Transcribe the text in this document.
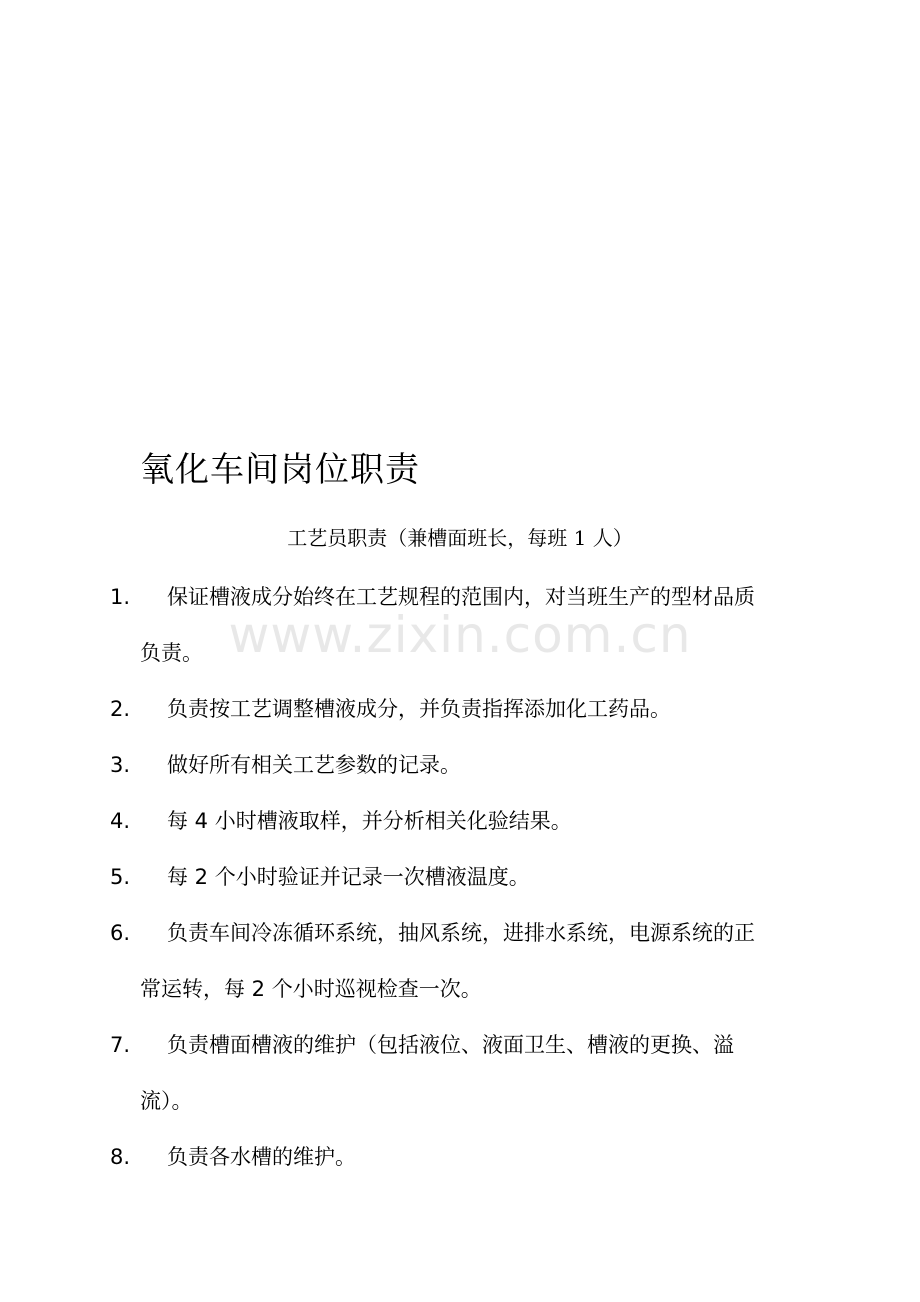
www.zixin.com.cn
氧化车间岗位职责
工艺员职责（兼槽面班长，每班 1 人）
1. 保证槽液成分始终在工艺规程的范围内，对当班生产的型材品质
负责。
2. 负责按工艺调整槽液成分，并负责指挥添加化工药品。
3. 做好所有相关工艺参数的记录。
4. 每 4 小时槽液取样，并分析相关化验结果。
5. 每 2 个小时验证并记录一次槽液温度。
6. 负责车间冷冻循环系统，抽风系统，进排水系统，电源系统的正
常运转，每 2 个小时巡视检查一次。
7. 负责槽面槽液的维护（包括液位、液面卫生、槽液的更换、溢
流）。
8. 负责各水槽的维护。
